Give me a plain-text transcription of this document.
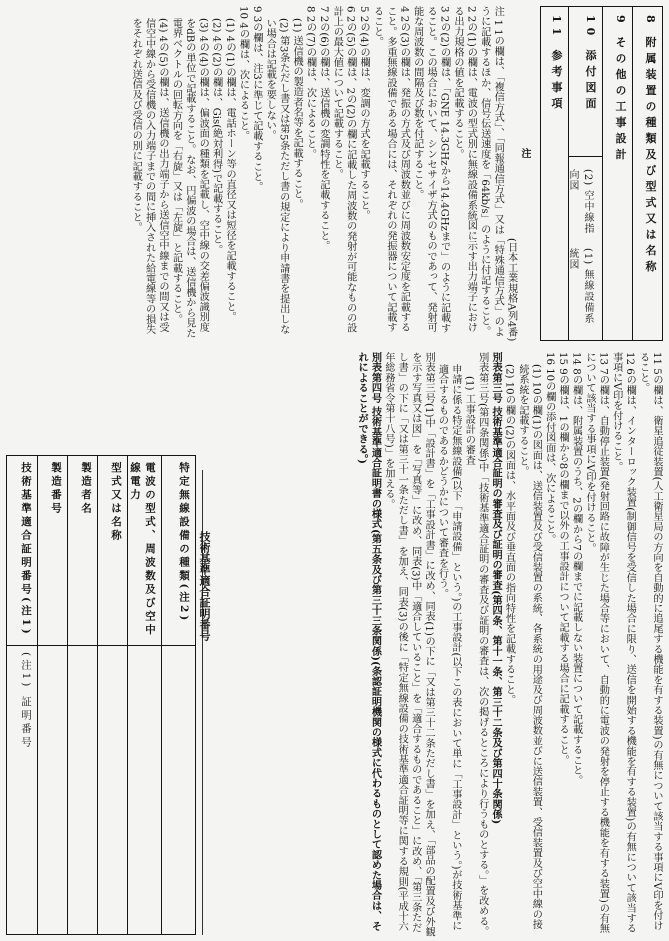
8 附属装置の種類及び型式又は名称
9 その他の工事設計
10 添付図面
(1) 無線設備系統図
(2) 空中線指向図
11 参考事項
注
(日本工業規格A列4番)
注 1 1の欄は、「複信方式」、「同報通信方式」又は「特殊通信方式」のように記載するほか、信号伝送速度を「64kb/s」のように付記すること。
2 2の(1)の欄は、電波の型式別に無線設備系統図に示す出力端子における出力規格の値を記載すること。
3 2の(2)の欄は、「GNE 14.3GHzから14.4GHzまで」のように記載すること。この場合において、シンセサイザ方式のものであって、発射可能な周波数の間隔及び数を付記すること。
4 2の(3)の欄は、発振の方式及び周波数並びに周波数安定度を記載すること。多重無線設備である場合には、それぞれの発振器について記載すること。
5 2の(4)の欄は、変調の方式を記載すること。
6 2の(5)の欄は、2の(2)の欄に記載した周波数の発射が可能なものの設計上の最大値について記載すること。
7 2の(6)の欄は、送信機の変調特性を記載すること。
8 2の(7)の欄は、次によること。
(1) 送信機の製造者名等を記載すること。
(2) 第3条ただし書又は第5条ただし書の規定により申請書を提出しない場合は記載を要しない。
9 3の欄は、注3に準じて記載すること。
10 4の欄は、次によること。
(1) 4の(1)の欄は、電話ホーン等の直径又は短径を記載すること。
(2) 4の(2)の欄は、Gis(絶対利得)で記載すること。
(3) 4の(4)の欄は、偏波面の種類を記載し、空中線の交差偏波識別度をdBの単位で記載すること。なお、円偏波の場合は、送信機から見た電界ベクトルの回転方向を「右旋」又は「左旋」と記載すること。
(4) 4の(5)の欄は、送信機の出力端子から送信空中線までの間又は受信空中線から受信機の入力端子までの間に挿入された給電線等の損失をそれぞれ送信及び受信の別に記載すること。
11 5の欄は、衛星追従装置(人工衛星局の方向を自動的に追尾する機能を有する装置)の有無について該当する事項にV印を付けること。
12 6の欄は、インターロック装置(制御信号を受信した場合に限り、送信を開始する機能を有する装置)の有無について該当する事項にV印を付けること。
13 7の欄は、自動停止装置(発射回路に故障が生じた場合等において、自動的に電波の発射を停止する機能を有する装置)の有無について該当する事項にV印を付けること。
14 8の欄は、附属装置のうち、2の欄から7の欄までに記載しない装置について記載すること。
15 9の欄は、1の欄から8の欄まで以外の工事設計について記載する場合に記載すること。
16 10の欄の添付図面は、次によること。
(1) 10の欄(1)の図面は、送信装置及び受信装置の系統、各系統の用途及び周波数並びに送信装置、受信装置及び空中線の接続系統を記載すること。
(2) 10の欄の(2)の図面は、水平面及び垂直面の指向特性を記載すること。
別表第三号 技術基準適合証明の審査及び証明の審査(第四条、第十一条、第三十二条及び第四十条関係)
別表第三号(第四条関係)中「技術基準適合証明の審査及び証明の審査は、次の掲げるところにより行うものとする。」を改める。
(1) 工事設計の審査
申請に係る特定無線設備(以下「申請設備」という。)の工事設計(以下この表において単に「工事設計」という。)が技術基準に適合するものであるかどうかについて審査を行う。
別表第三号(1)中「設計書」を「工事設計書」に改め、同表(1)の下に「又は第三十二条ただし書」を加え、「部品の配置及び外観を示す写真又は図」を「写真等」に改め、同表(3)中「適合していること」を「適合するものであること」に改め、「第三条ただし書」の下に「又は第三十一条ただし書」を加え、同表(3)の後に「特定無線設備の技術基準適合証明等に関する規則(平成十六年総務省令第十八号)」を加える。
別表第四号 技術基準適合証明書の様式(第五条及び第三十三条関係)(条認証明機関の様式に代わるものとして認めた場合は、それによることができる。)
特定無線設備の種類(注2)
電波の型式、周波数及び空中線電力
型式又は名称
製造者名
製造番号
技術基準適合証明番号(注1)
(注1) 証明番号
技術基準適合証明番号
